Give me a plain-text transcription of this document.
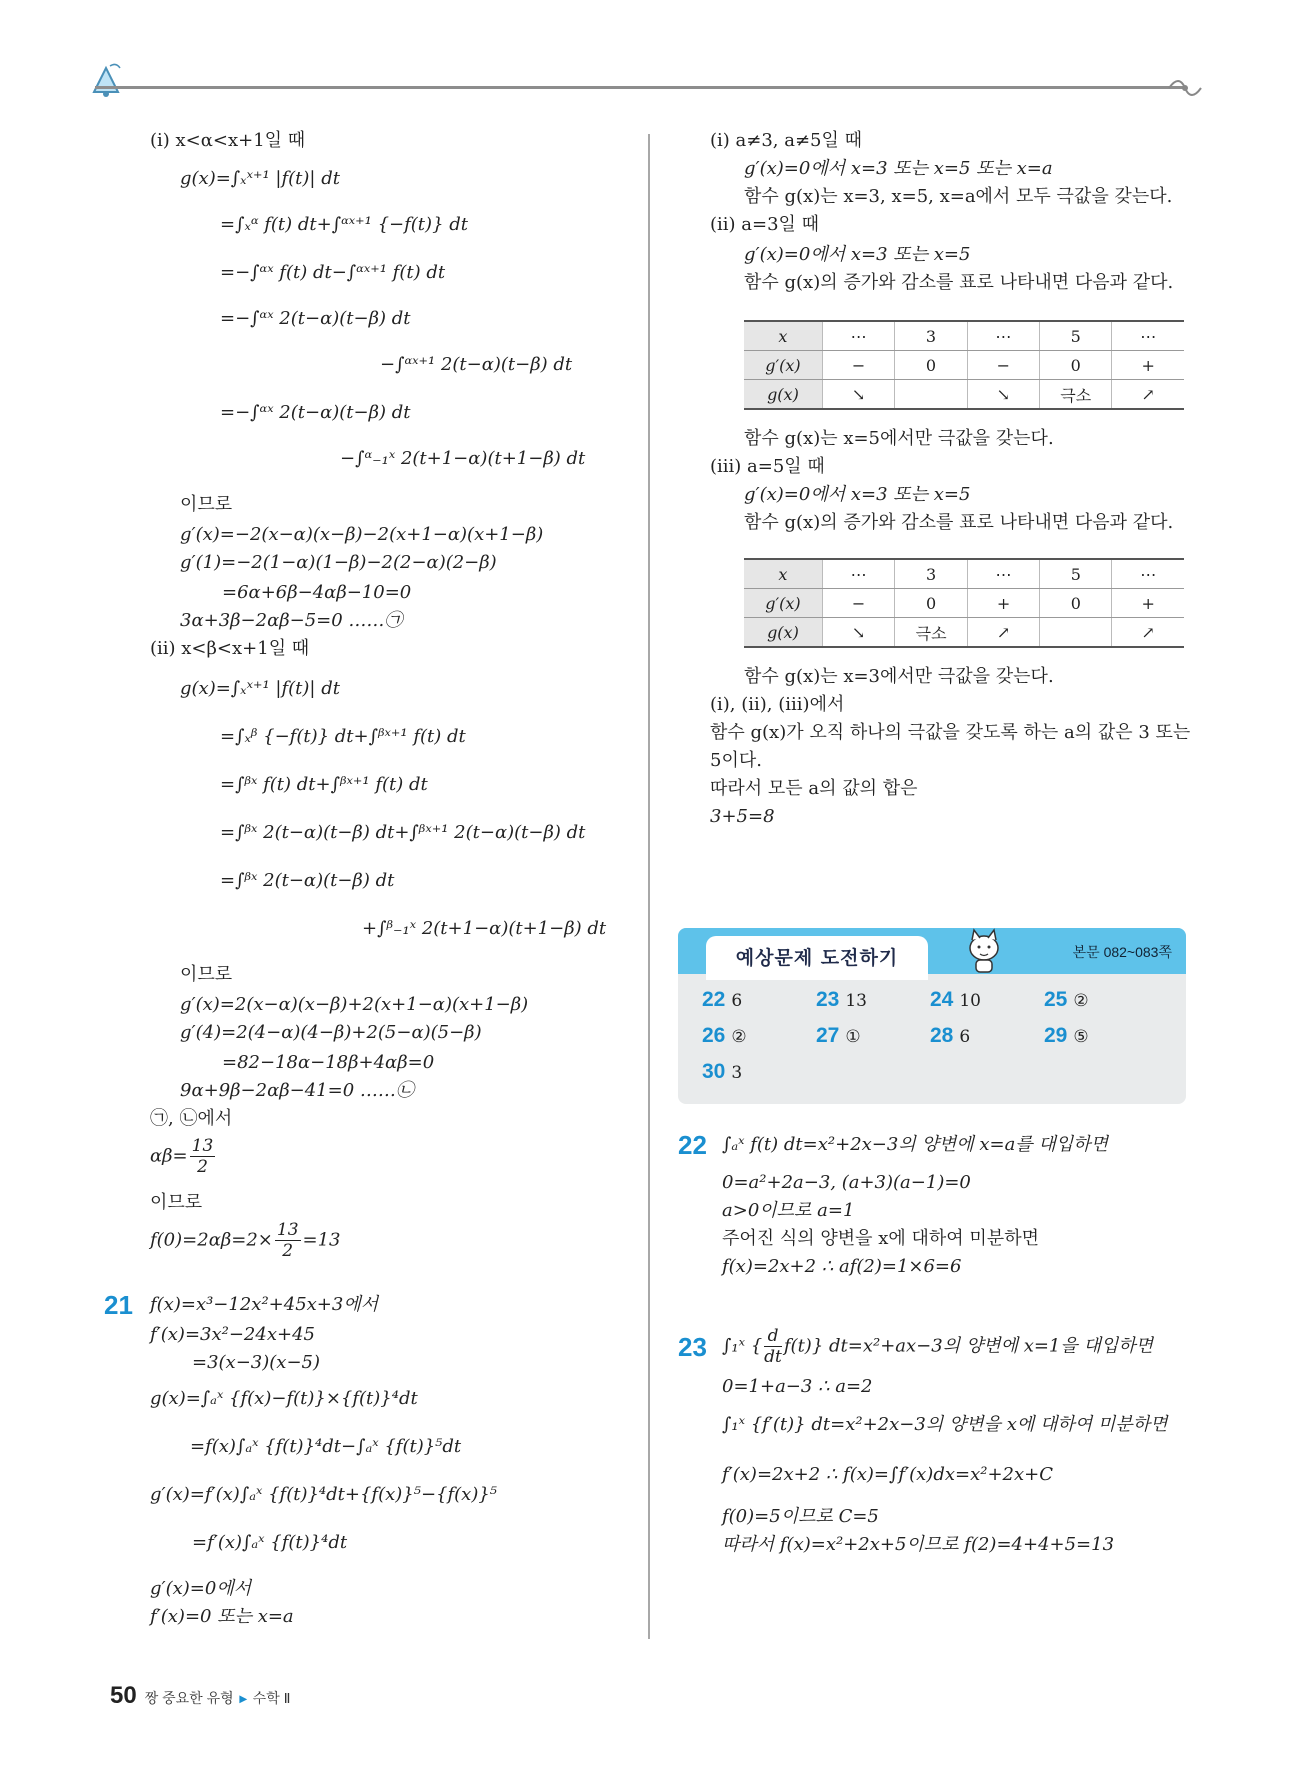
(ⅰ) x<α<x+1일 때
g(x)=∫ₓˣ⁺¹ |f(t)| dt
=∫ₓᵅ f(t) dt+∫ᵅˣ⁺¹ {−f(t)} dt
=−∫ᵅˣ f(t) dt−∫ᵅˣ⁺¹ f(t) dt
=−∫ᵅˣ 2(t−α)(t−β) dt
−∫ᵅˣ⁺¹ 2(t−α)(t−β) dt
=−∫ᵅˣ 2(t−α)(t−β) dt
−∫ᵅ₋₁ˣ 2(t+1−α)(t+1−β) dt
이므로
g′(x)=−2(x−α)(x−β)−2(x+1−α)(x+1−β)
g′(1)=−2(1−α)(1−β)−2(2−α)(2−β)
=6α+6β−4αβ−10=0
3α+3β−2αβ−5=0 ……㉠
(ⅱ) x<β<x+1일 때
g(x)=∫ₓˣ⁺¹ |f(t)| dt
=∫ₓᵝ {−f(t)} dt+∫ᵝˣ⁺¹ f(t) dt
=∫ᵝˣ f(t) dt+∫ᵝˣ⁺¹ f(t) dt
=∫ᵝˣ 2(t−α)(t−β) dt+∫ᵝˣ⁺¹ 2(t−α)(t−β) dt
=∫ᵝˣ 2(t−α)(t−β) dt
+∫ᵝ₋₁ˣ 2(t+1−α)(t+1−β) dt
이므로
g′(x)=2(x−α)(x−β)+2(x+1−α)(x+1−β)
g′(4)=2(4−α)(4−β)+2(5−α)(5−β)
=82−18α−18β+4αβ=0
9α+9β−2αβ−41=0 ……㉡
㉠, ㉡에서
$\alpha\beta= \frac{13}{2}$
이므로
$f(0)=2\alpha\beta=2\times \frac{13}{2} =13$
21 f(x)=x³−12x²+45x+3에서
f′(x)=3x²−24x+45
=3(x−3)(x−5)
g(x)=∫ₐˣ {f(x)−f(t)}×{f(t)}⁴dt
=f(x)∫ₐˣ {f(t)}⁴dt−∫ₐˣ {f(t)}⁵dt
g′(x)=f′(x)∫ₐˣ {f(t)}⁴dt+{f(x)}⁵−{f(x)}⁵
=f′(x)∫ₐˣ {f(t)}⁴dt
g′(x)=0에서
f′(x)=0 또는 x=a
(ⅰ) a≠3, a≠5일 때
g′(x)=0에서 x=3 또는 x=5 또는 x=a
함수 g(x)는 x=3, x=5, x=a에서 모두 극값을 갖는다.
(ⅱ) a=3일 때
g′(x)=0에서 x=3 또는 x=5
함수 g(x)의 증가와 감소를 표로 나타내면 다음과 같다.
x	⋯	3	⋯	5	⋯
g′(x)	−	0	−	0	+
g(x)	↘		↘	극소	↗
함수 g(x)는 x=5에서만 극값을 갖는다.
(ⅲ) a=5일 때
g′(x)=0에서 x=3 또는 x=5
함수 g(x)의 증가와 감소를 표로 나타내면 다음과 같다.
x	⋯	3	⋯	5	⋯
g′(x)	−	0	+	0	+
g(x)	↘	극소	↗		↗
함수 g(x)는 x=3에서만 극값을 갖는다.
(ⅰ), (ⅱ), (ⅲ)에서
함수 g(x)가 오직 하나의 극값을 갖도록 하는 a의 값은 3 또는
5이다.
따라서 모든 a의 값의 합은
3+5=8
예상문제 도전하기	본문 082~083쪽
22 6	23 13	24 10	25 ②
26 ②	27 ①	28 6	29 ⑤
30 3
22 ∫ₐˣ f(t) dt=x²+2x−3의 양변에 x=a를 대입하면
0=a²+2a−3, (a+3)(a−1)=0
a>0이므로 a=1
주어진 식의 양변을 x에 대하여 미분하면
f(x)=2x+2 ∴ af(2)=1×6=6
23 ∫₁ˣ { $\frac{d}{dt} f(t)$} dt=x²+ax−3의 양변에 x=1을 대입하면
0=1+a−3 ∴ a=2
∫₁ˣ {f′(t)} dt=x²+2x−3의 양변을 x에 대하여 미분하면
f′(x)=2x+2 ∴ f(x)=∫f′(x)dx=x²+2x+C
f(0)=5이므로 C=5
따라서 f(x)=x²+2x+5이므로 f(2)=4+4+5=13
50 짱 중요한 유형 ▸ 수학 Ⅱ
